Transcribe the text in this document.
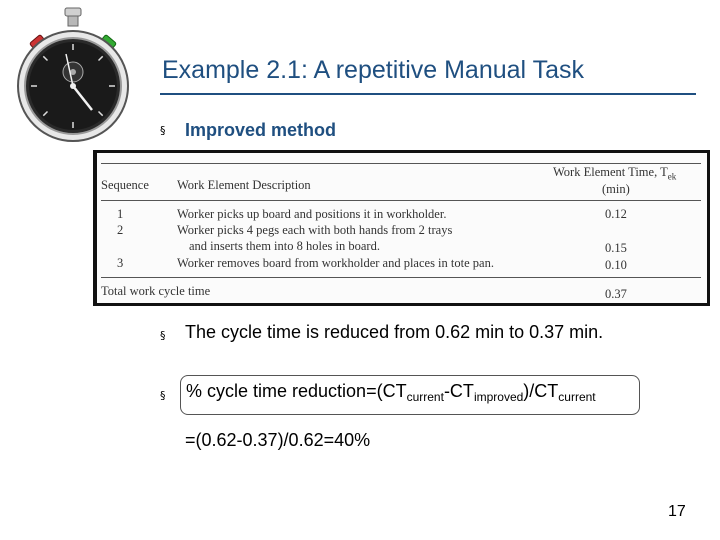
Example 2.1: A repetitive Manual Task
§ Improved method
Sequence Work Element Description
Work Element Time, $T_{ek}$
(min)
1	Worker picks up board and positions it in workholder.	0.12
2	Worker picks 4 pegs each with both hands from 2 trays
and inserts them into 8 holes in board.	0.15
3	Worker removes board from workholder and places in tote pan.	0.10
Total work cycle time	0.37
§ The cycle time is reduced from 0.62 min to 0.37 min.
§ % cycle time $reduction=(CT_{current}-CT_{improved})/CT_{current}$
=(0.62-0.37)/0.62=40%
17
